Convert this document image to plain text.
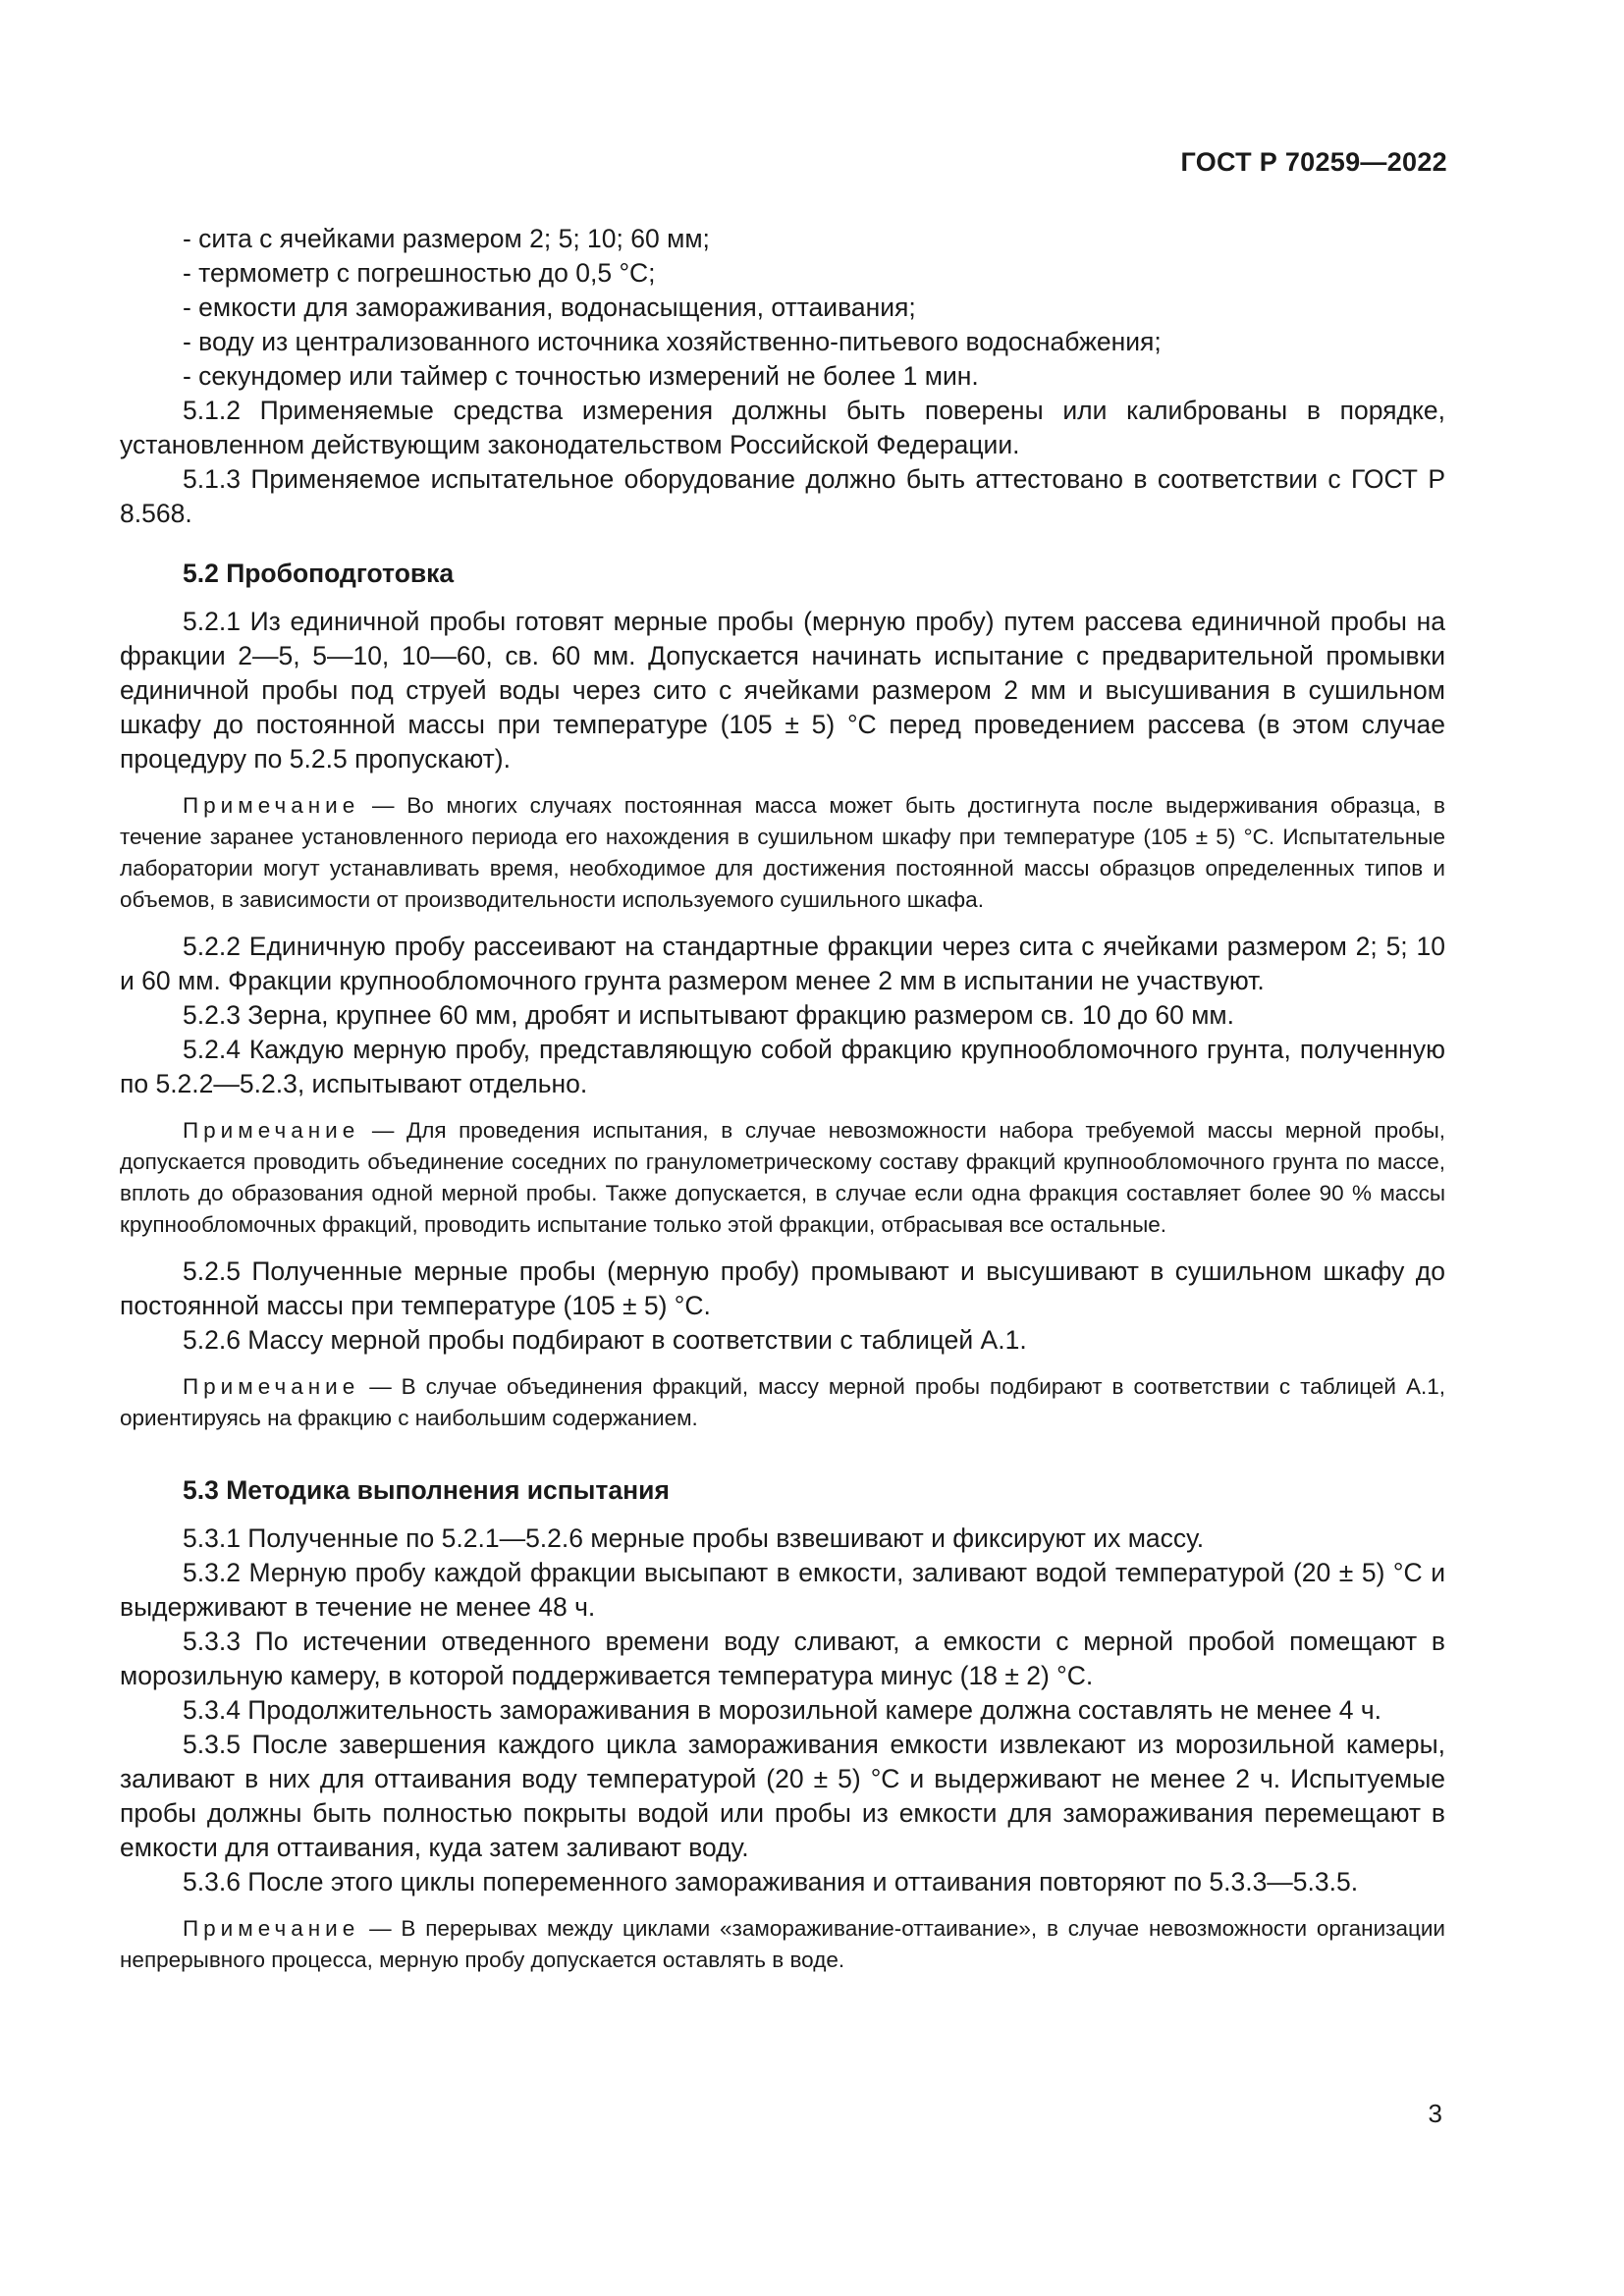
ГОСТ Р 70259—2022

- сита с ячейками размером 2; 5; 10; 60 мм;

- термометр с погрешностью до 0,5 °С;

- емкости для замораживания, водонасыщения, оттаивания;

- воду из централизованного источника хозяйственно-питьевого водоснабжения;

- секундомер или таймер с точностью измерений не более 1 мин.

5.1.2 Применяемые средства измерения должны быть поверены или калиброваны в порядке, установленном действующим законодательством Российской Федерации.

5.1.3 Применяемое испытательное оборудование должно быть аттестовано в соответствии с ГОСТ Р 8.568.

5.2 Пробоподготовка

5.2.1 Из единичной пробы готовят мерные пробы (мерную пробу) путем рассева единичной пробы на фракции 2—5, 5—10, 10—60, св. 60 мм. Допускается начинать испытание с предварительной промывки единичной пробы под струей воды через сито с ячейками размером 2 мм и высушивания в сушильном шкафу до постоянной массы при температуре (105 ± 5) °С перед проведением рассева (в этом случае процедуру по 5.2.5 пропускают).

Примечание — Во многих случаях постоянная масса может быть достигнута после выдерживания образца, в течение заранее установленного периода его нахождения в сушильном шкафу при температуре (105 ± 5) °С. Испытательные лаборатории могут устанавливать время, необходимое для достижения постоянной массы образцов определенных типов и объемов, в зависимости от производительности используемого сушильного шкафа.

5.2.2 Единичную пробу рассеивают на стандартные фракции через сита с ячейками размером 2; 5; 10 и 60 мм. Фракции крупнообломочного грунта размером менее 2 мм в испытании не участвуют.

5.2.3 Зерна, крупнее 60 мм, дробят и испытывают фракцию размером св. 10 до 60 мм.

5.2.4 Каждую мерную пробу, представляющую собой фракцию крупнообломочного грунта, полученную по 5.2.2—5.2.3, испытывают отдельно.

Примечание — Для проведения испытания, в случае невозможности набора требуемой массы мерной пробы, допускается проводить объединение соседних по гранулометрическому составу фракций крупнообломочного грунта по массе, вплоть до образования одной мерной пробы. Также допускается, в случае если одна фракция составляет более 90 % массы крупнообломочных фракций, проводить испытание только этой фракции, отбрасывая все остальные.

5.2.5 Полученные мерные пробы (мерную пробу) промывают и высушивают в сушильном шкафу до постоянной массы при температуре (105 ± 5) °С.

5.2.6 Массу мерной пробы подбирают в соответствии с таблицей А.1.

Примечание — В случае объединения фракций, массу мерной пробы подбирают в соответствии с таблицей А.1, ориентируясь на фракцию с наибольшим содержанием.

5.3 Методика выполнения испытания

5.3.1 Полученные по 5.2.1—5.2.6 мерные пробы взвешивают и фиксируют их массу.

5.3.2 Мерную пробу каждой фракции высыпают в емкости, заливают водой температурой (20 ± 5) °С и выдерживают в течение не менее 48 ч.

5.3.3 По истечении отведенного времени воду сливают, а емкости с мерной пробой помещают в морозильную камеру, в которой поддерживается температура минус (18 ± 2) °С.

5.3.4 Продолжительность замораживания в морозильной камере должна составлять не менее 4 ч.

5.3.5 После завершения каждого цикла замораживания емкости извлекают из морозильной камеры, заливают в них для оттаивания воду температурой (20 ± 5) °С и выдерживают не менее 2 ч. Испытуемые пробы должны быть полностью покрыты водой или пробы из емкости для замораживания перемещают в емкости для оттаивания, куда затем заливают воду.

5.3.6 После этого циклы попеременного замораживания и оттаивания повторяют по 5.3.3—5.3.5.

Примечание — В перерывах между циклами «замораживание-оттаивание», в случае невозможности организации непрерывного процесса, мерную пробу допускается оставлять в воде.

3
